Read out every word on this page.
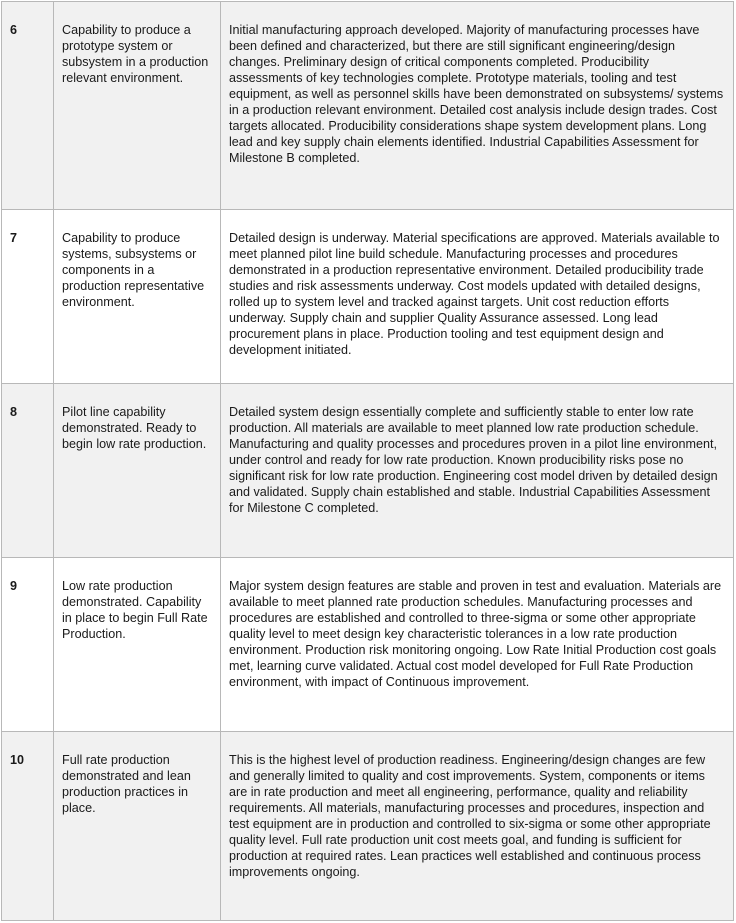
6	Capability to produce a prototype system or subsystem in a production relevant environment.	Initial manufacturing approach developed. Majority of manufacturing processes have been defined and characterized, but there are still significant engineering/design changes. Preliminary design of critical components completed. Producibility assessments of key technologies complete. Prototype materials, tooling and test equipment, as well as personnel skills have been demonstrated on subsystems/ systems in a production relevant environment. Detailed cost analysis include design trades. Cost targets allocated. Producibility considerations shape system development plans. Long lead and key supply chain elements identified. Industrial Capabilities Assessment for Milestone B completed.
7	Capability to produce systems, subsystems or components in a production representative environment.	Detailed design is underway. Material specifications are approved. Materials available to meet planned pilot line build schedule. Manufacturing processes and procedures demonstrated in a production representative environment. Detailed producibility trade studies and risk assessments underway. Cost models updated with detailed designs, rolled up to system level and tracked against targets. Unit cost reduction efforts underway. Supply chain and supplier Quality Assurance assessed. Long lead procurement plans in place. Production tooling and test equipment design and development initiated.
8	Pilot line capability demonstrated. Ready to begin low rate production.	Detailed system design essentially complete and sufficiently stable to enter low rate production. All materials are available to meet planned low rate production schedule. Manufacturing and quality processes and procedures proven in a pilot line environment, under control and ready for low rate production. Known producibility risks pose no significant risk for low rate production. Engineering cost model driven by detailed design and validated. Supply chain established and stable. Industrial Capabilities Assessment for Milestone C completed.
9	Low rate production demonstrated. Capability in place to begin Full Rate Production.	Major system design features are stable and proven in test and evaluation. Materials are available to meet planned rate production schedules. Manufacturing processes and procedures are established and controlled to three-sigma or some other appropriate quality level to meet design key characteristic tolerances in a low rate production environment. Production risk monitoring ongoing. Low Rate Initial Production cost goals met, learning curve validated. Actual cost model developed for Full Rate Production environment, with impact of Continuous improvement.
10	Full rate production demonstrated and lean production practices in place.	This is the highest level of production readiness. Engineering/design changes are few and generally limited to quality and cost improvements. System, components or items are in rate production and meet all engineering, performance, quality and reliability requirements. All materials, manufacturing processes and procedures, inspection and test equipment are in production and controlled to six-sigma or some other appropriate quality level. Full rate production unit cost meets goal, and funding is sufficient for production at required rates. Lean practices well established and continuous process improvements ongoing.
